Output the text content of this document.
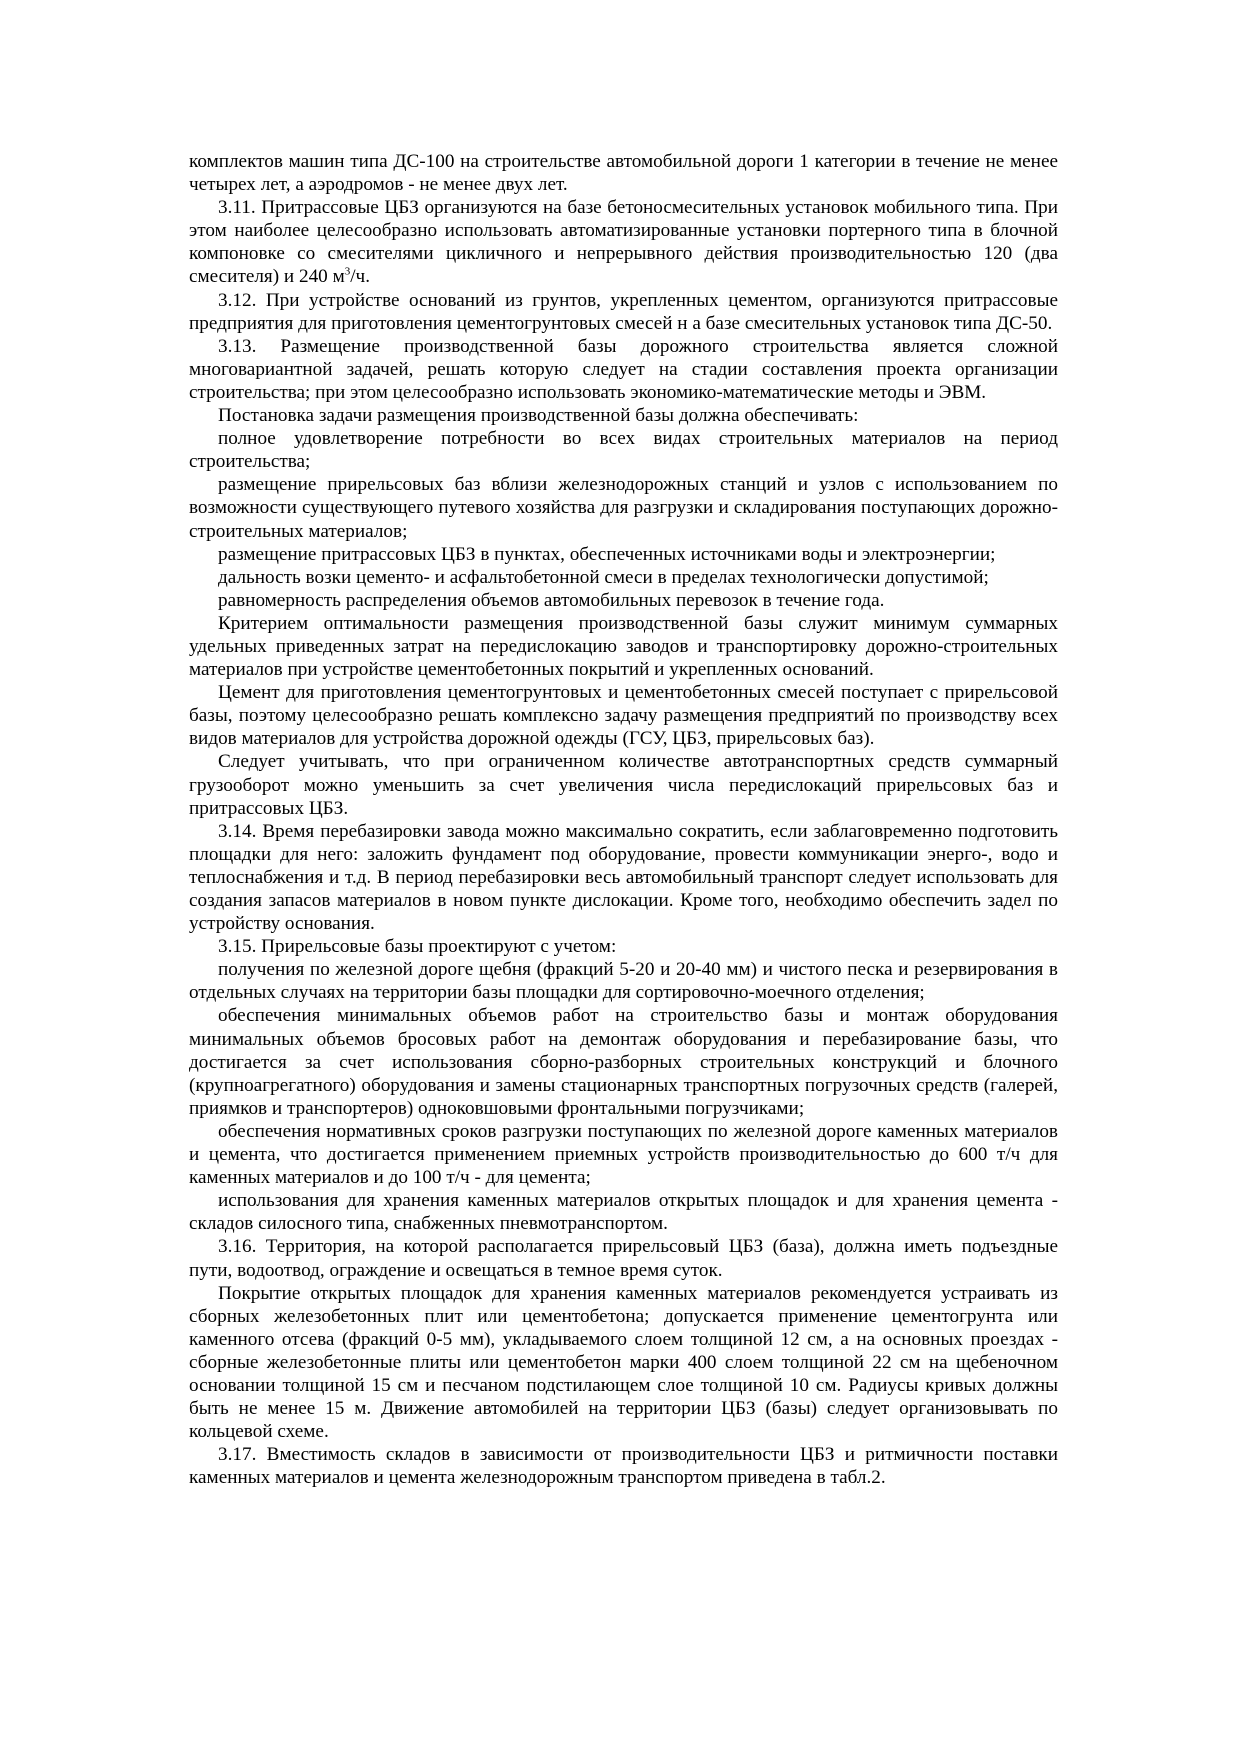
комплектов машин типа ДС-100 на строительстве автомобильной дороги 1 категории в течение не менее четырех лет, а аэродромов - не менее двух лет.

3.11. Притрассовые ЦБЗ организуются на базе бетоносмесительных установок мобильного типа. При этом наиболее целесообразно использовать автоматизированные установки портерного типа в блочной компоновке со смесителями цикличного и непрерывного действия производительностью 120 (два смесителя) и 240 $м^3/ч$.

3.12. При устройстве оснований из грунтов, укрепленных цементом, организуются притрассовые предприятия для приготовления цементогрунтовых смесей н а базе смесительных установок типа ДС-50.

3.13. Размещение производственной базы дорожного строительства является сложной многовариантной задачей, решать которую следует на стадии составления проекта организации строительства; при этом целесообразно использовать экономико-математические методы и ЭВМ.

Постановка задачи размещения производственной базы должна обеспечивать:

полное удовлетворение потребности во всех видах строительных материалов на период строительства;

размещение прирельсовых баз вблизи железнодорожных станций и узлов с использованием по возможности существующего путевого хозяйства для разгрузки и складирования поступающих дорожно-строительных материалов;

размещение притрассовых ЦБЗ в пунктах, обеспеченных источниками воды и электроэнергии;

дальность возки цементо- и асфальтобетонной смеси в пределах технологически допустимой;

равномерность распределения объемов автомобильных перевозок в течение года.

Критерием оптимальности размещения производственной базы служит минимум суммарных удельных приведенных затрат на передислокацию заводов и транспортировку дорожно-строительных материалов при устройстве цементобетонных покрытий и укрепленных оснований.

Цемент для приготовления цементогрунтовых и цементобетонных смесей поступает с прирельсовой базы, поэтому целесообразно решать комплексно задачу размещения предприятий по производству всех видов материалов для устройства дорожной одежды (ГСУ, ЦБЗ, прирельсовых баз).

Следует учитывать, что при ограниченном количестве автотранспортных средств суммарный грузооборот можно уменьшить за счет увеличения числа передислокаций прирельсовых баз и притрассовых ЦБЗ.

3.14. Время перебазировки завода можно максимально сократить, если заблаговременно подготовить площадки для него: заложить фундамент под оборудование, провести коммуникации энерго-, водо и теплоснабжения и т.д. В период перебазировки весь автомобильный транспорт следует использовать для создания запасов материалов в новом пункте дислокации. Кроме того, необходимо обеспечить задел по устройству основания.

3.15. Прирельсовые базы проектируют с учетом:

получения по железной дороге щебня (фракций 5-20 и 20-40 мм) и чистого песка и резервирования в отдельных случаях на территории базы площадки для сортировочно-моечного отделения;

обеспечения минимальных объемов работ на строительство базы и монтаж оборудования минимальных объемов бросовых работ на демонтаж оборудования и перебазирование базы, что достигается за счет использования сборно-разборных строительных конструкций и блочного (крупноагрегатного) оборудования и замены стационарных транспортных погрузочных средств (галерей, приямков и транспортеров) одноковшовыми фронтальными погрузчиками;

обеспечения нормативных сроков разгрузки поступающих по железной дороге каменных материалов и цемента, что достигается применением приемных устройств производительностью до 600 т/ч для каменных материалов и до 100 т/ч - для цемента;

использования для хранения каменных материалов открытых площадок и для хранения цемента - складов силосного типа, снабженных пневмотранспортом.

3.16. Территория, на которой располагается прирельсовый ЦБЗ (база), должна иметь подъездные пути, водоотвод, ограждение и освещаться в темное время суток.

Покрытие открытых площадок для хранения каменных материалов рекомендуется устраивать из сборных железобетонных плит или цементобетона; допускается применение цементогрунта или каменного отсева (фракций 0-5 мм), укладываемого слоем толщиной 12 см, а на основных проездах - сборные железобетонные плиты или цементобетон марки 400 слоем толщиной 22 см на щебеночном основании толщиной 15 см и песчаном подстилающем слое толщиной 10 см. Радиусы кривых должны быть не менее 15 м. Движение автомобилей на территории ЦБЗ (базы) следует организовывать по кольцевой схеме.

3.17. Вместимость складов в зависимости от производительности ЦБЗ и ритмичности поставки каменных материалов и цемента железнодорожным транспортом приведена в табл.2.
